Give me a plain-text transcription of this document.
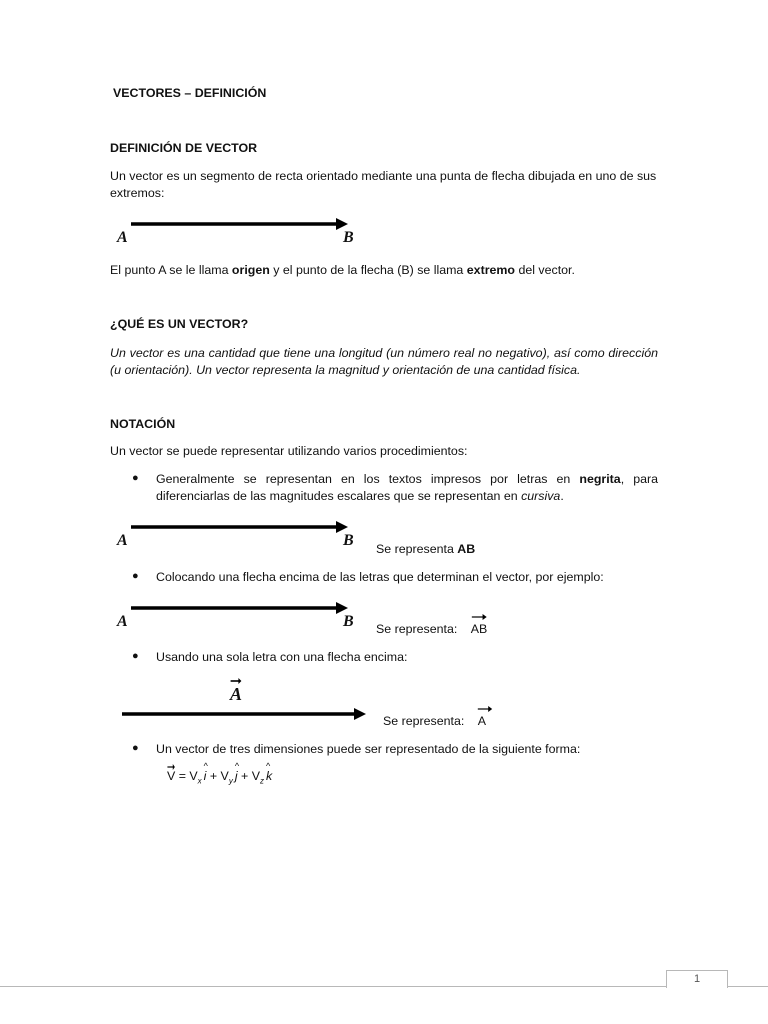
VECTORES – DEFINICIÓN
DEFINICIÓN DE VECTOR
Un vector es un segmento de recta orientado mediante una punta de flecha dibujada en uno de sus extremos:
A	B
El punto A se le llama origen y el punto de la flecha (B) se llama extremo del vector.
¿QUÉ ES UN VECTOR?
Un vector es una cantidad que tiene una longitud (un número real no negativo), así como dirección (u orientación). Un vector representa la magnitud y orientación de una cantidad física.
NOTACIÓN
Un vector se puede representar utilizando varios procedimientos:
● Generalmente se representan en los textos impresos por letras en negrita, para diferenciarlas de las magnitudes escalares que se representan en cursiva.
A	B Se representa AB
● Colocando una flecha encima de las letras que determinan el vector, por ejemplo:
A	B Se representa: AB
● Usando una sola letra con una flecha encima:
A
Se representa: A
● Un vector de tres dimensiones puede ser representado de la siguiente forma:
$V = V_x$
^
$i + V_y$
^
$j + V_z$
^
k
1
